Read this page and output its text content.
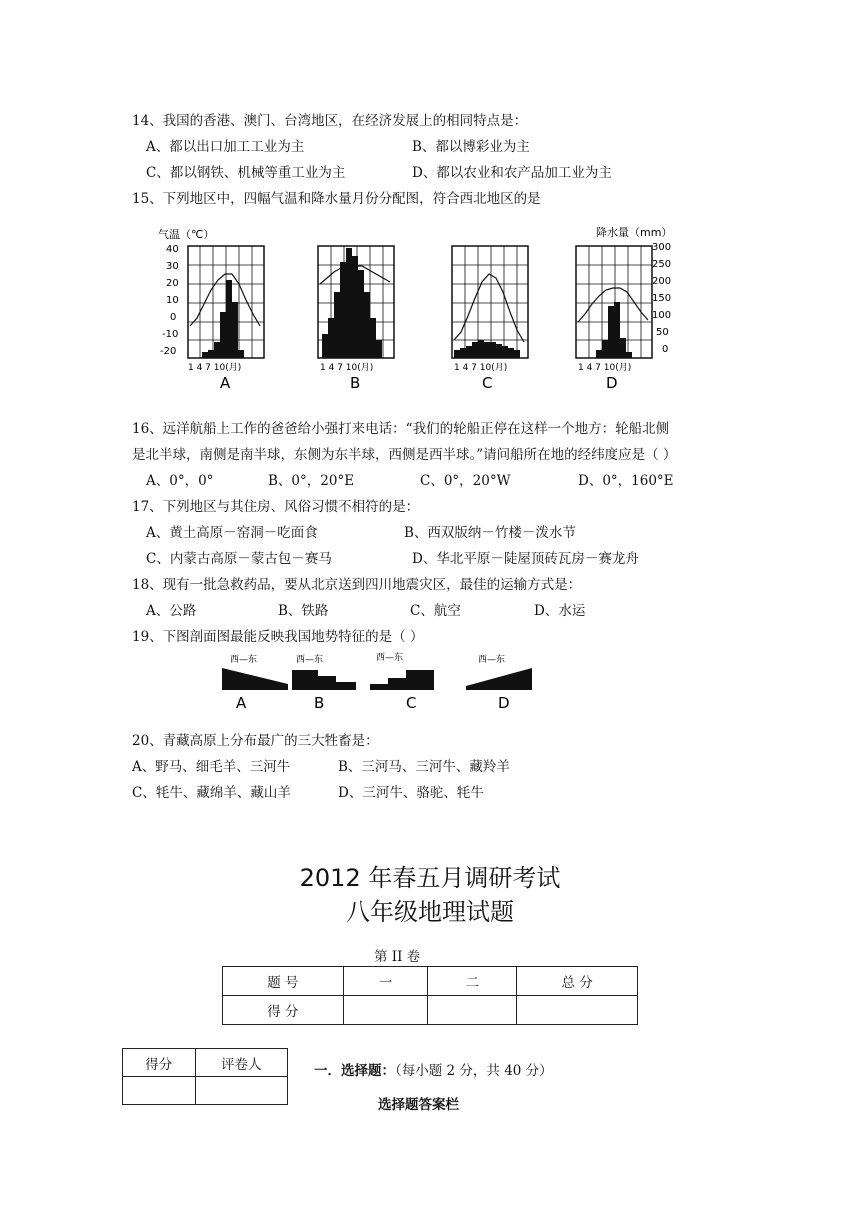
14、我国的香港、澳门、台湾地区，在经济发展上的相同特点是：
A、都以出口加工工业为主	B、都以博彩业为主
C、都以钢铁、机械等重工业为主	D、都以农业和农产品加工业为主
15、下列地区中，四幅气温和降水量月份分配图，符合西北地区的是
气温（℃）	降水量（mm）
40
30
20
10
0
-10
-20
300
250
200
150
100
50
0
1 4 7 10(月)
A
1 4 7 10(月)
B
1 4 7 10(月)
C
1 4 7 10(月)
D
16、远洋航船上工作的爸爸给小强打来电话：“我们的轮船正停在这样一个地方：轮船北侧
是北半球，南侧是南半球，东侧为东半球，西侧是西半球。”请问船所在地的经纬度应是（ ）
A、0°，0°	B、0°，20°E	C、0°，20°W	D、0°，160°E
17、下列地区与其住房、风俗习惯不相符的是：
A、黄土高原－窑洞－吃面食	B、西双版纳－竹楼－泼水节
C、内蒙古高原－蒙古包－赛马	D、华北平原－陡屋顶砖瓦房－赛龙舟
18、现有一批急救药品，要从北京送到四川地震灾区，最佳的运输方式是：
A、公路	B、铁路	C、航空	D、水运
19、下图剖面图最能反映我国地势特征的是（ ）
西—东	西—东	西—东	西—东
A	B	C	D
20、青藏高原上分布最广的三大牲畜是：
A、野马、细毛羊、三河牛	B、三河马、三河牛、藏羚羊
C、牦牛、藏绵羊、藏山羊	D、三河牛、骆驼、牦牛
2012 年春五月调研考试
八年级地理试题
第 II 卷
题 号	一	二	总 分
得 分			
得分	评卷人
		一．选择题：（每小题 2 分，共 40 分）
选择题答案栏
